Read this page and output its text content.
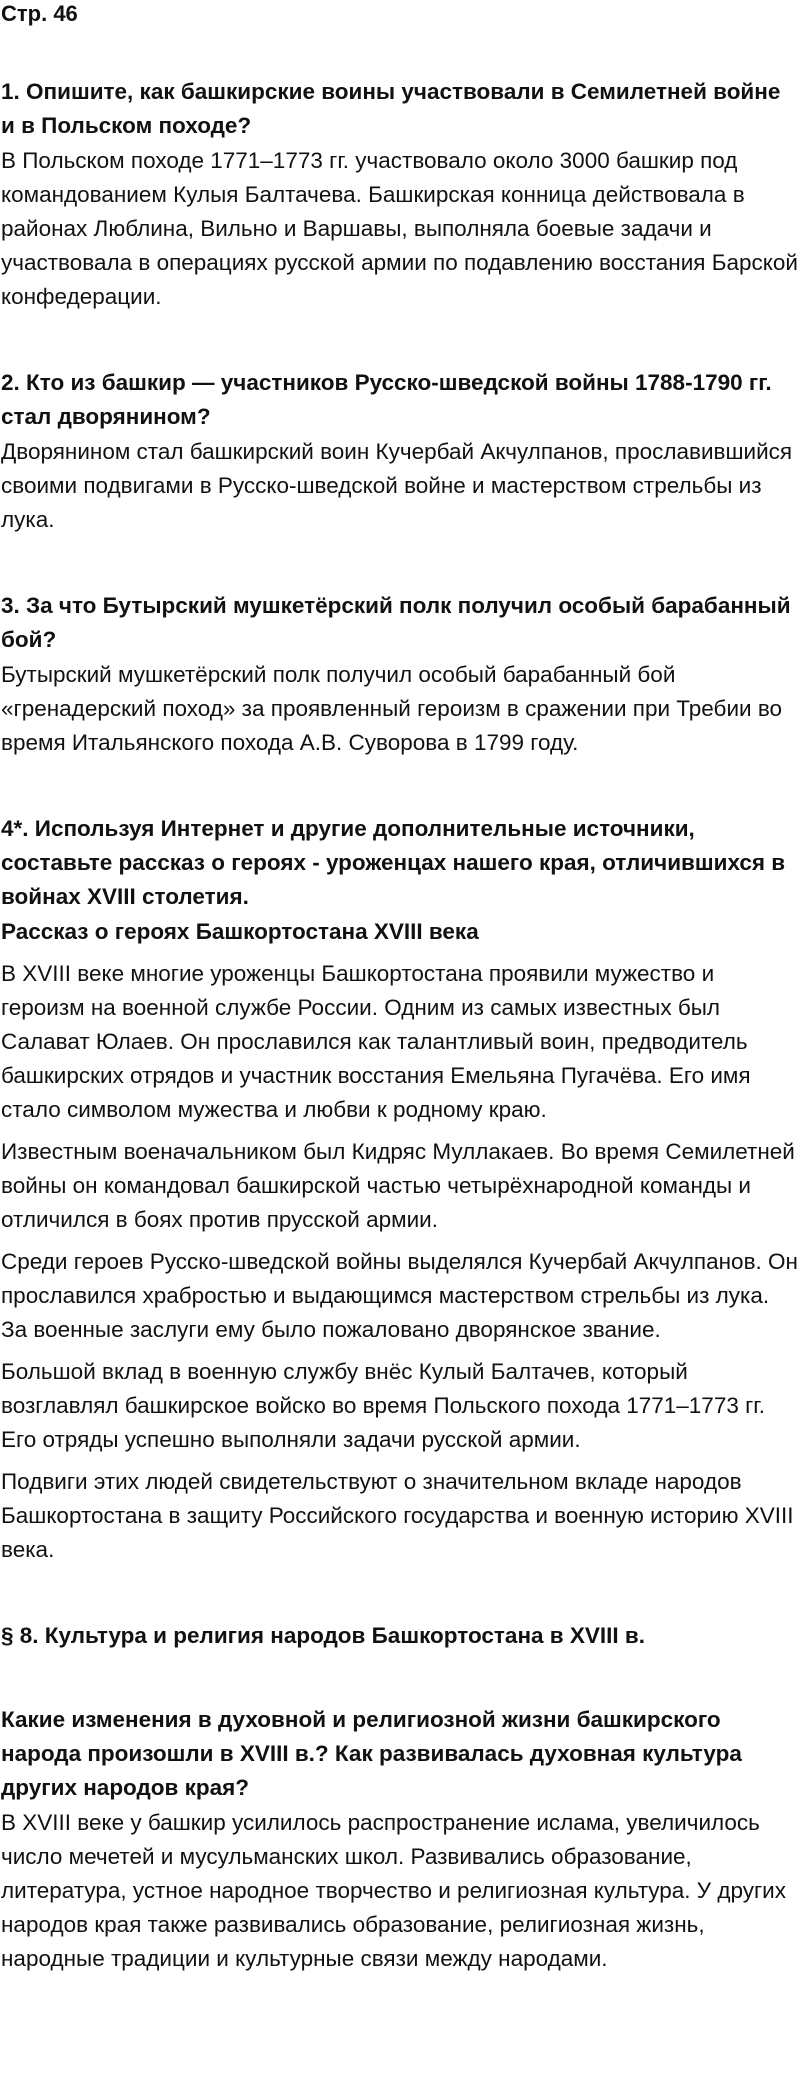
Стр. 46

1. Опишите, как башкирские воины участвовали в Семилетней войне и в Польском походе?

В Польском походе 1771–1773 гг. участвовало около 3000 башкир под командованием Кулыя Балтачева. Башкирская конница действовала в районах Люблина, Вильно и Варшавы, выполняла боевые задачи и участвовала в операциях русской армии по подавлению восстания Барской конфедерации.

2. Кто из башкир — участников Русско-шведской войны 1788-1790 гг. стал дворянином?

Дворянином стал башкирский воин Кучербай Акчулпанов, прославившийся своими подвигами в Русско-шведской войне и мастерством стрельбы из лука.

3. За что Бутырский мушкетёрский полк получил особый барабанный бой?

Бутырский мушкетёрский полк получил особый барабанный бой «гренадерский поход» за проявленный героизм в сражении при Требии во время Итальянского похода А.В. Суворова в 1799 году.

4*. Используя Интернет и другие дополнительные источники, составьте рассказ о героях - уроженцах нашего края, отличившихся в войнах XVIII столетия.

Рассказ о героях Башкортостана XVIII века

В XVIII веке многие уроженцы Башкортостана проявили мужество и героизм на военной службе России. Одним из самых известных был Салават Юлаев. Он прославился как талантливый воин, предводитель башкирских отрядов и участник восстания Емельяна Пугачёва. Его имя стало символом мужества и любви к родному краю.

Известным военачальником был Кидряс Муллакаев. Во время Семилетней войны он командовал башкирской частью четырёхнародной команды и отличился в боях против прусской армии.

Среди героев Русско-шведской войны выделялся Кучербай Акчулпанов. Он прославился храбростью и выдающимся мастерством стрельбы из лука. За военные заслуги ему было пожаловано дворянское звание.

Большой вклад в военную службу внёс Кулый Балтачев, который возглавлял башкирское войско во время Польского похода 1771–1773 гг. Его отряды успешно выполняли задачи русской армии.

Подвиги этих людей свидетельствуют о значительном вкладе народов Башкортостана в защиту Российского государства и военную историю XVIII века.

§ 8. Культура и религия народов Башкортостана в XVIII в.

Какие изменения в духовной и религиозной жизни башкирского народа произошли в XVIII в.? Как развивалась духовная культура других народов края?

В XVIII веке у башкир усилилось распространение ислама, увеличилось число мечетей и мусульманских школ. Развивались образование, литература, устное народное творчество и религиозная культура. У других народов края также развивались образование, религиозная жизнь, народные традиции и культурные связи между народами.
